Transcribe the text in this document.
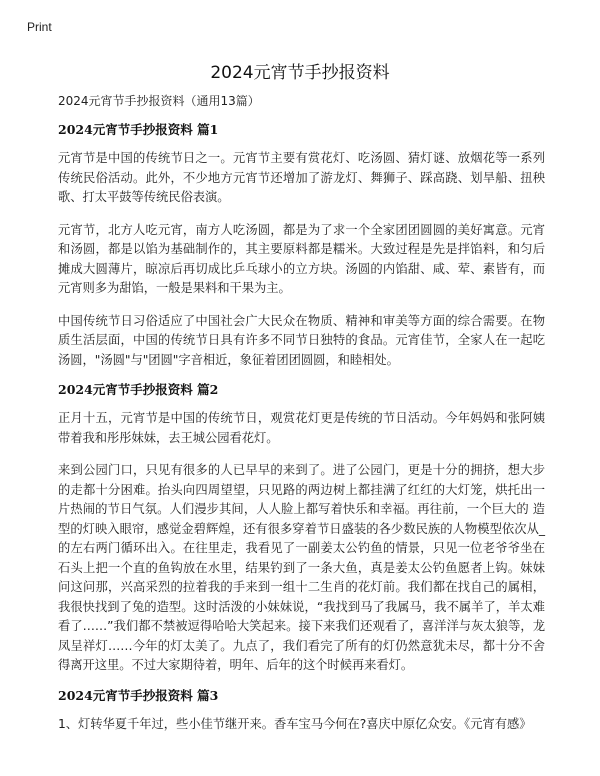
Print
2024元宵节手抄报资料

2024元宵节手抄报资料（通用13篇）

2024元宵节手抄报资料 篇1

元宵节是中国的传统节日之一。元宵节主要有赏花灯、吃汤圆、猜灯谜、放烟花等一系列传统民俗活动。此外，不少地方元宵节还增加了游龙灯、舞狮子、踩高跷、划旱船、扭秧歌、打太平鼓等传统民俗表演。

元宵节，北方人吃元宵，南方人吃汤圆，都是为了求一个全家团团圆圆的美好寓意。元宵和汤圆，都是以馅为基础制作的，其主要原料都是糯米。大致过程是先是拌馅料，和匀后摊成大圆薄片，晾凉后再切成比乒乓球小的立方块。汤圆的内馅甜、咸、荤、素皆有，而元宵则多为甜馅，一般是果料和干果为主。

中国传统节日习俗适应了中国社会广大民众在物质、精神和审美等方面的综合需要。在物质生活层面，中国的传统节日具有许多不同节日独特的食品。元宵佳节，全家人在一起吃汤圆，"汤圆"与"团圆"字音相近，象征着团团圆圆，和睦相处。

2024元宵节手抄报资料 篇2

正月十五，元宵节是中国的传统节日，观赏花灯更是传统的节日活动。今年妈妈和张阿姨带着我和彤彤妹妹，去王城公园看花灯。

来到公园门口，只见有很多的人已早早的来到了。进了公园门，更是十分的拥挤，想大步的走都十分困难。抬头向四周望望，只见路的两边树上都挂满了红红的大灯笼，烘托出一片热闹的节日气氛。人们漫步其间，人人脸上都写着快乐和幸福。再往前，一个巨大的 造型的灯映入眼帘，感觉金碧辉煌，还有很多穿着节日盛装的各少数民族的人物模型依次从_的左右两门循环出入。在往里走，我看见了一副姜太公钓鱼的情景，只见一位老爷爷坐在石头上把一个直的鱼钩放在水里，结果钓到了一条大鱼，真是姜太公钓鱼愿者上钩。妹妹问这问那，兴高采烈的拉着我的手来到一组十二生肖的花灯前。我们都在找自己的属相，我很快找到了兔的造型。这时活泼的小妹妹说，“我找到马了我属马，我不属羊了，羊太难看了……”我们都不禁被逗得哈哈大笑起来。接下来我们还观看了，喜洋洋与灰太狼等，龙凤呈祥灯……今年的灯太美了。九点了，我们看完了所有的灯仍然意犹未尽，都十分不舍得离开这里。不过大家期待着，明年、后年的这个时候再来看灯。

2024元宵节手抄报资料 篇3

1、灯转华夏千年过，些小佳节继开来。香车宝马今何在?喜庆中原亿众安。《元宵有感》
